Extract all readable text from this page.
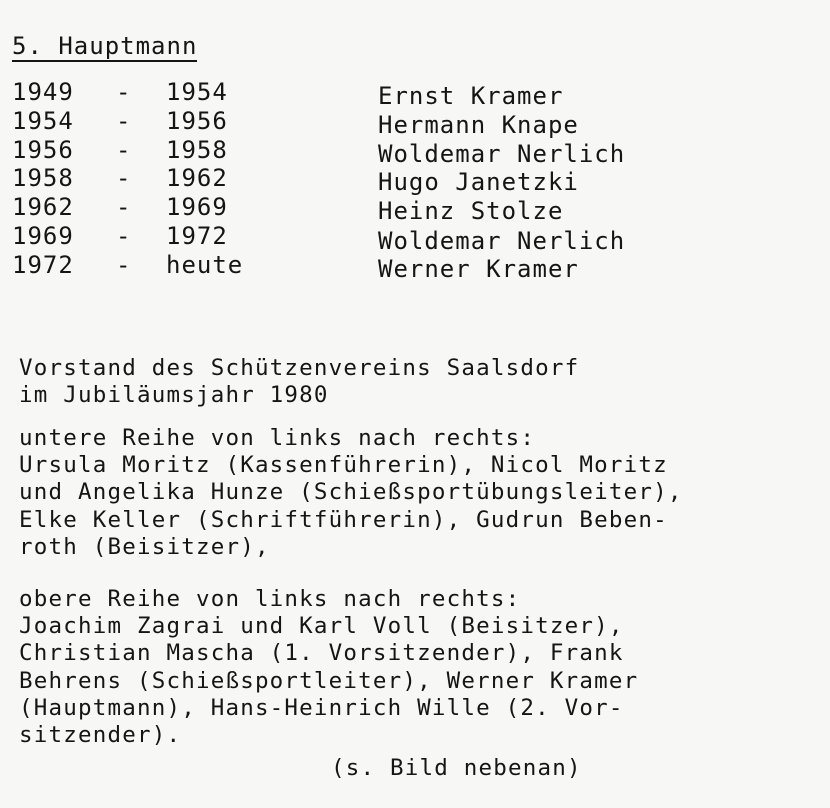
5. Hauptmann
1949 - 1954	Ernst Kramer
1954 - 1956	Hermann Knape
1956 - 1958	Woldemar Nerlich
1958 - 1962	Hugo Janetzki
1962 - 1969	Heinz Stolze
1969 - 1972	Woldemar Nerlich
1972 - heute	Werner Kramer
Vorstand des Schützenvereins Saalsdorf
im Jubiläumsjahr 1980
untere Reihe von links nach rechts:
Ursula Moritz (Kassenführerin), Nicol Moritz
und Angelika Hunze (Schießsportübungsleiter),
Elke Keller (Schriftführerin), Gudrun Beben-
roth (Beisitzer),
obere Reihe von links nach rechts:
Joachim Zagrai und Karl Voll (Beisitzer),
Christian Mascha (1. Vorsitzender), Frank
Behrens (Schießsportleiter), Werner Kramer
(Hauptmann), Hans-Heinrich Wille (2. Vor-
sitzender).
(s. Bild nebenan)
